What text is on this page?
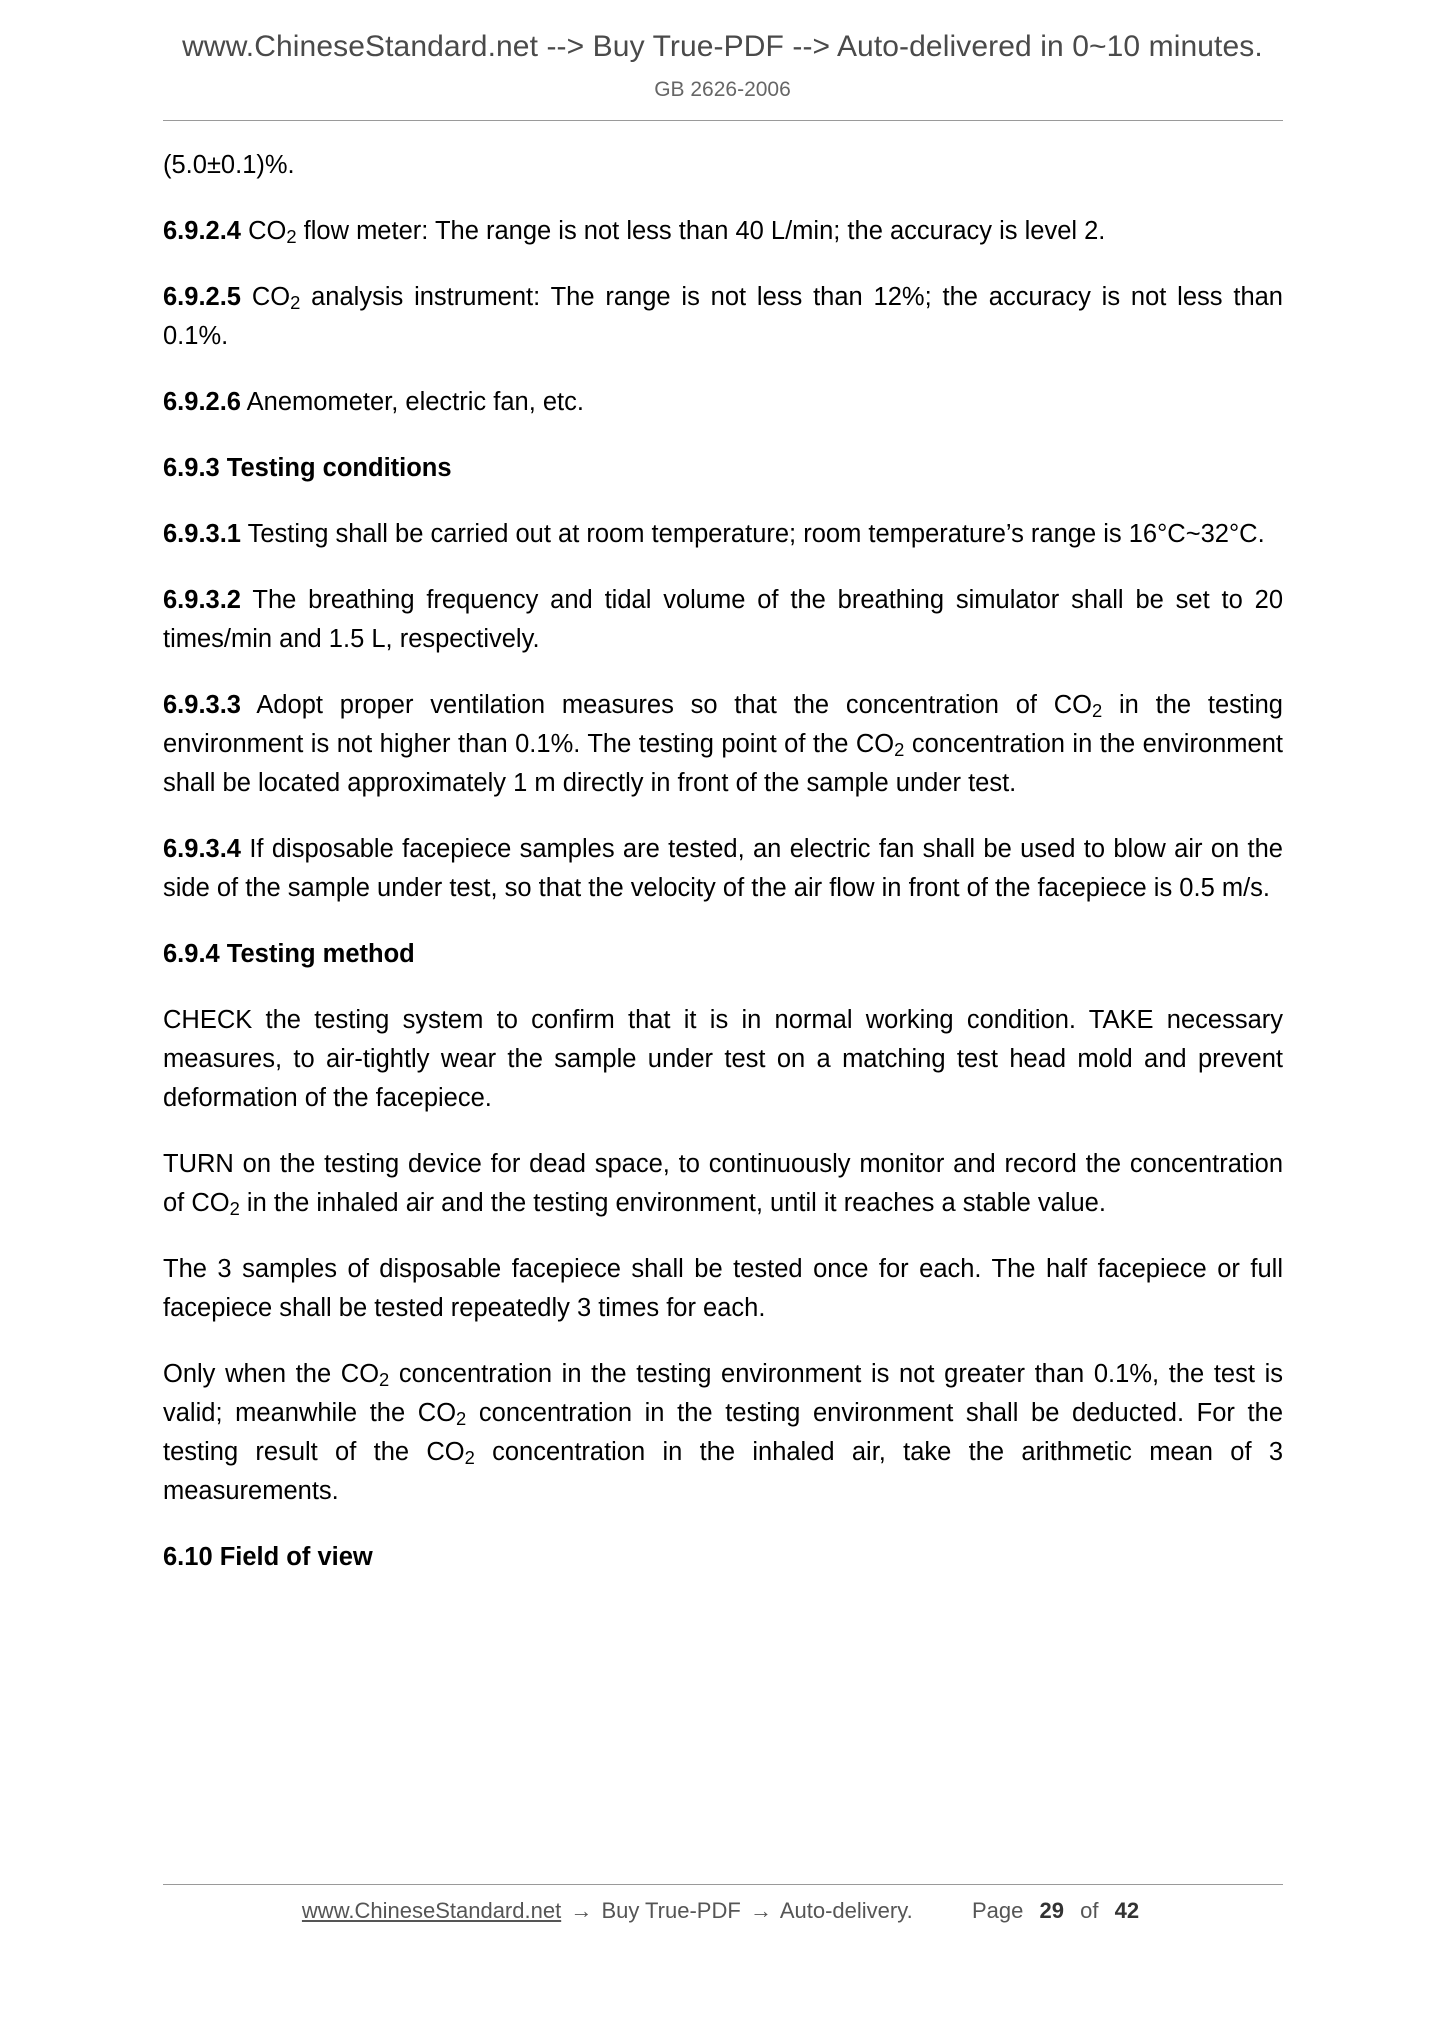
www.ChineseStandard.net --> Buy True-PDF --> Auto-delivered in 0~10 minutes.
GB 2626-2006
(5.0±0.1)%.
6.9.2.4 $CO_2$ flow meter: The range is not less than 40 L/min; the accuracy is level 2.
6.9.2.5 $CO_2$ analysis instrument: The range is not less than 12%; the accuracy is not less than 0.1%.
6.9.2.6 Anemometer, electric fan, etc.
6.9.3 Testing conditions
6.9.3.1 Testing shall be carried out at room temperature; room temperature’s range is 16°C~32°C.
6.9.3.2 The breathing frequency and tidal volume of the breathing simulator shall be set to 20 times/min and 1.5 L, respectively.
6.9.3.3 Adopt proper ventilation measures so that the concentration of $CO_2$ in the testing environment is not higher than 0.1%. The testing point of the $CO_2$ concentration in the environment shall be located approximately 1 m directly in front of the sample under test.
6.9.3.4 If disposable facepiece samples are tested, an electric fan shall be used to blow air on the side of the sample under test, so that the velocity of the air flow in front of the facepiece is 0.5 m/s.
6.9.4 Testing method
CHECK the testing system to confirm that it is in normal working condition. TAKE necessary measures, to air-tightly wear the sample under test on a matching test head mold and prevent deformation of the facepiece.
TURN on the testing device for dead space, to continuously monitor and record the concentration of $CO_2$ in the inhaled air and the testing environment, until it reaches a stable value.
The 3 samples of disposable facepiece shall be tested once for each. The half facepiece or full facepiece shall be tested repeatedly 3 times for each.
Only when the $CO_2$ concentration in the testing environment is not greater than 0.1%, the test is valid; meanwhile the $CO_2$ concentration in the testing environment shall be deducted. For the testing result of the $CO_2$ concentration in the inhaled air, take the arithmetic mean of 3 measurements.
6.10 Field of view
www.ChineseStandard.net → Buy True-PDF → Auto-delivery.	Page 29 of 42
